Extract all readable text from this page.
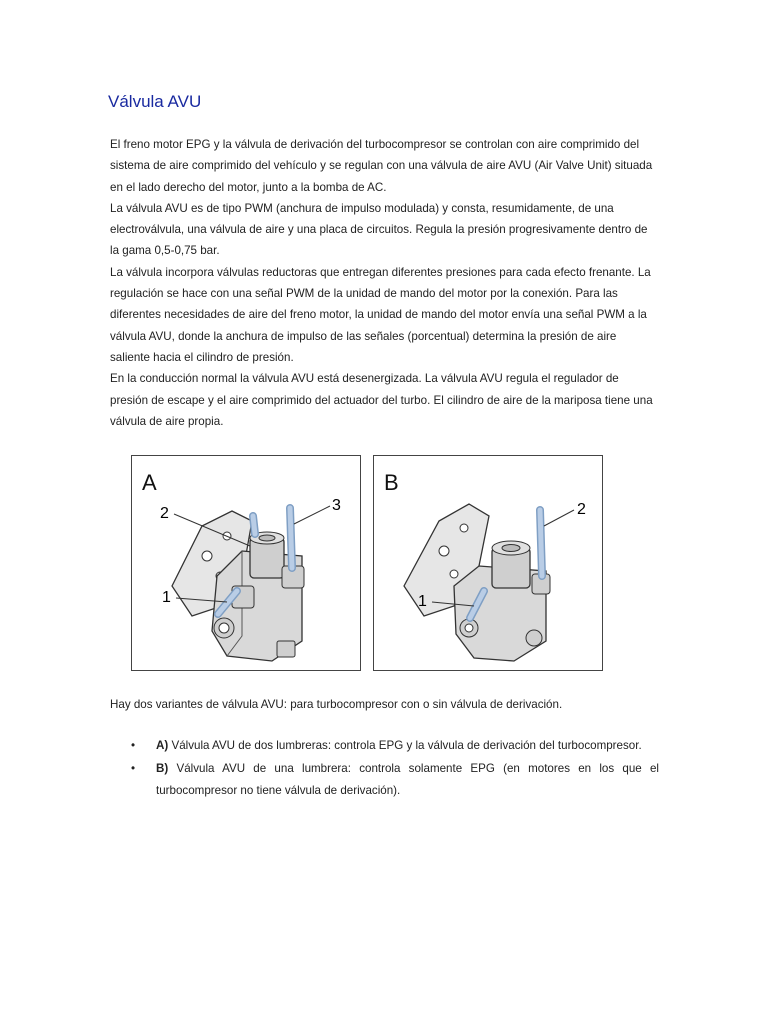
Válvula AVU

El freno motor EPG y la válvula de derivación del turbocompresor se controlan con aire comprimido del sistema de aire comprimido del vehículo y se regulan con una válvula de aire AVU (Air Valve Unit) situada en el lado derecho del motor, junto a la bomba de AC.

La válvula AVU es de tipo PWM (anchura de impulso modulada) y consta, resumidamente, de una electroválvula, una válvula de aire y una placa de circuitos. Regula la presión progresivamente dentro de la gama 0,5-0,75 bar.

La válvula incorpora válvulas reductoras que entregan diferentes presiones para cada efecto frenante. La regulación se hace con una señal PWM de la unidad de mando del motor por la conexión. Para las diferentes necesidades de aire del freno motor, la unidad de mando del motor envía una señal PWM a la válvula AVU, donde la anchura de impulso de las señales (porcentual) determina la presión de aire saliente hacia el cilindro de presión.

En la conducción normal la válvula AVU está desenergizada. La válvula AVU regula el regulador de presión de escape y el aire comprimido del actuador del turbo. El cilindro de aire de la mariposa tiene una válvula de aire propia.

A
2
1
3
B
1
2

Hay dos variantes de válvula AVU: para turbocompresor con o sin válvula de derivación.

• A) Válvula AVU de dos lumbreras: controla EPG y la válvula de derivación del turbocompresor.
• B) Válvula AVU de una lumbrera: controla solamente EPG (en motores en los que el turbocompresor no tiene válvula de derivación).
